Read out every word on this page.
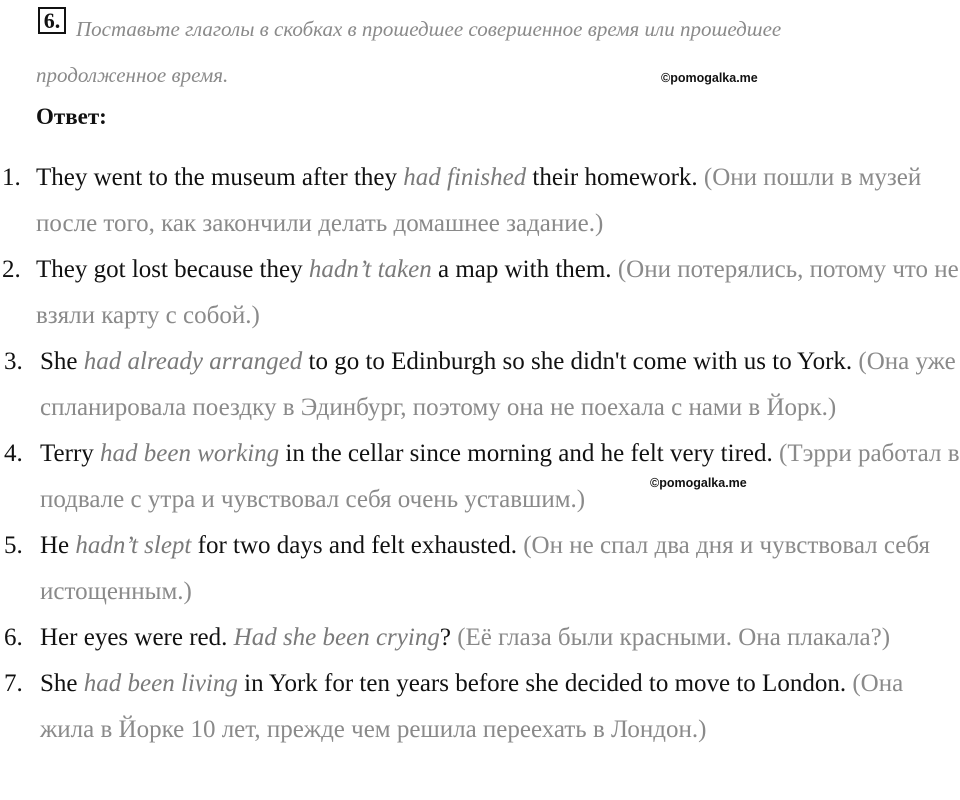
6. Поставьте глаголы в скобках в прошедшее совершенное время или прошедшее продолженное время.	©pomogalka.me
©pomogalka.me

Ответ:

1. They went to the museum after they had finished their homework. (Они пошли в музей после того, как закончили делать домашнее задание.)
2. They got lost because they hadn’t taken a map with them. (Они потерялись, потому что не взяли карту с собой.)
3. She had already arranged to go to Edinburgh so she didn't come with us to York. (Она уже спланировала поездку в Эдинбург, поэтому она не поехала с нами в Йорк.)
4. Terry had been working in the cellar since morning and he felt very tired. (Тэрри работал в подвале с утра и чувствовал себя очень уставшим.)
5. He hadn’t slept for two days and felt exhausted. (Он не спал два дня и чувствовал себя истощенным.)
6. Her eyes were red. Had she been crying? (Её глаза были красными. Она плакала?)
7. She had been living in York for ten years before she decided to move to London. (Она жила в Йорке 10 лет, прежде чем решила переехать в Лондон.)
